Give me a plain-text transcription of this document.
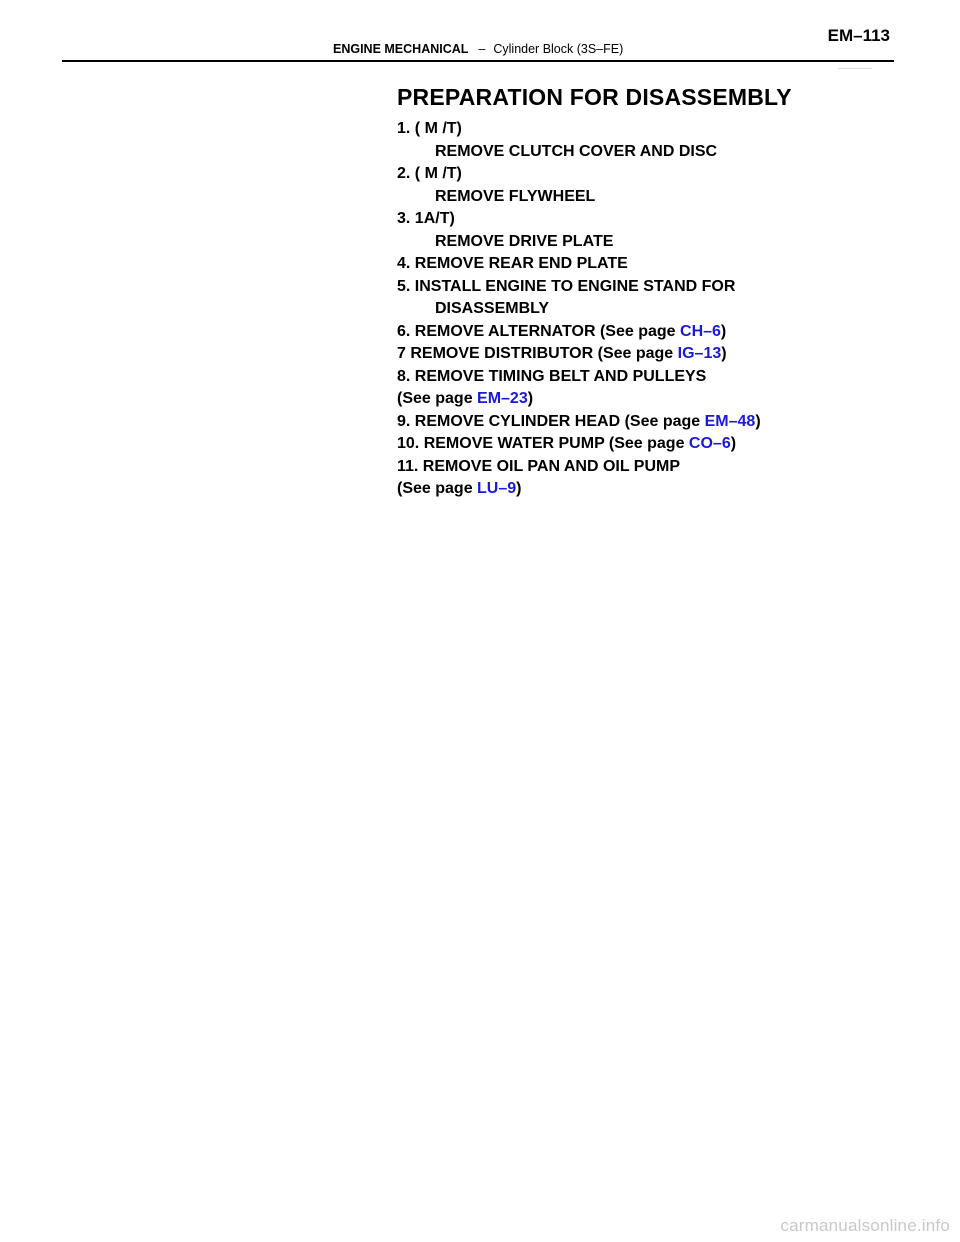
ENGINE MECHANICAL – Cylinder Block (3S–FE)
EM–113
PREPARATION FOR DISASSEMBLY
1. ( M /T)
REMOVE CLUTCH COVER AND DISC
2. ( M /T)
REMOVE FLYWHEEL
3. 1A/T)
REMOVE DRIVE PLATE
4. REMOVE REAR END PLATE
5. INSTALL ENGINE TO ENGINE STAND FOR
DISASSEMBLY
6. REMOVE ALTERNATOR (See page CH–6)
7 REMOVE DISTRIBUTOR (See page IG–13)
8. REMOVE TIMING BELT AND PULLEYS
(See page EM–23)
9. REMOVE CYLINDER HEAD (See page EM–48)
10. REMOVE WATER PUMP (See page CO–6)
11. REMOVE OIL PAN AND OIL PUMP
(See page LU–9)
carmanualsonline.info
